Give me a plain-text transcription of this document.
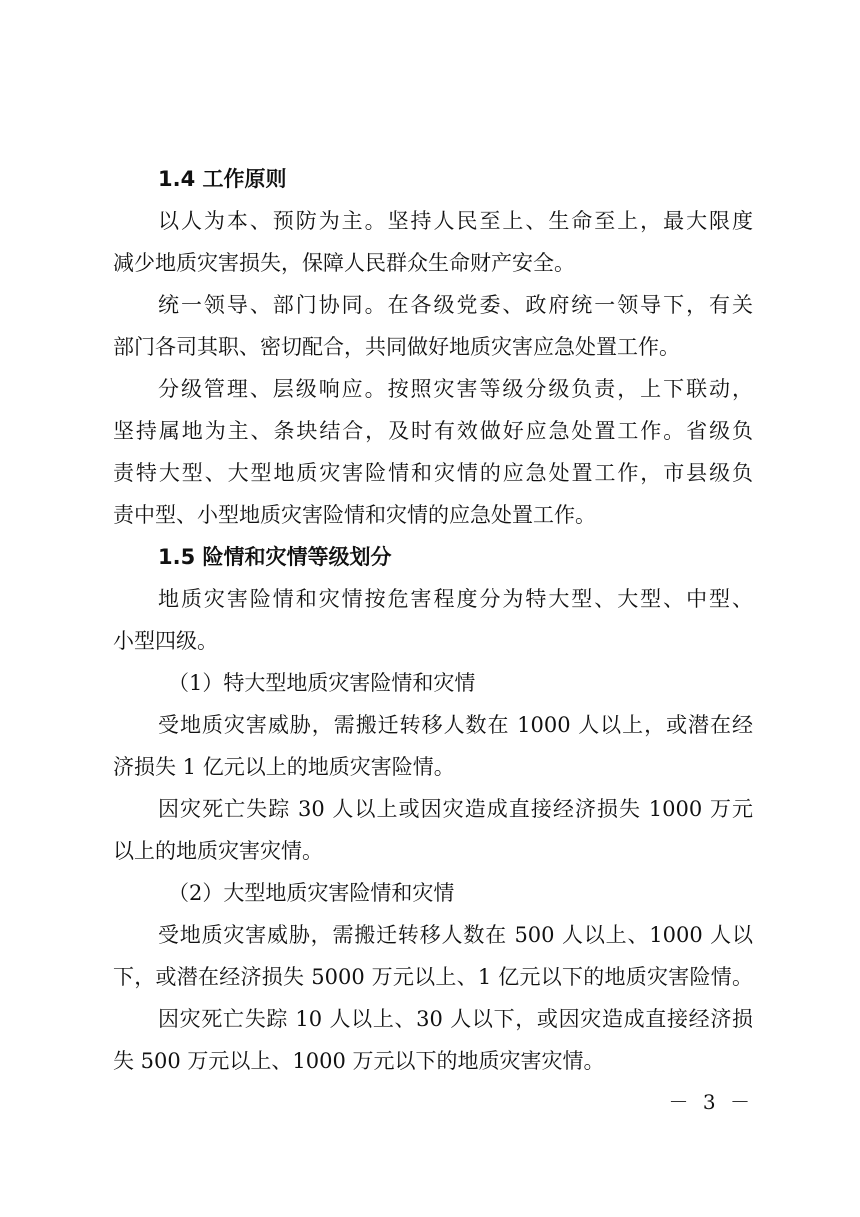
1.4 工作原则
以人为本、预防为主。坚持人民至上、生命至上，最大限度
减少地质灾害损失，保障人民群众生命财产安全。
统一领导、部门协同。在各级党委、政府统一领导下，有关
部门各司其职、密切配合，共同做好地质灾害应急处置工作。
分级管理、层级响应。按照灾害等级分级负责，上下联动，
坚持属地为主、条块结合，及时有效做好应急处置工作。省级负
责特大型、大型地质灾害险情和灾情的应急处置工作，市县级负
责中型、小型地质灾害险情和灾情的应急处置工作。
1.5 险情和灾情等级划分
地质灾害险情和灾情按危害程度分为特大型、大型、中型、
小型四级。
（1）特大型地质灾害险情和灾情
受地质灾害威胁，需搬迁转移人数在 1000 人以上，或潜在经
济损失 1 亿元以上的地质灾害险情。
因灾死亡失踪 30 人以上或因灾造成直接经济损失 1000 万元
以上的地质灾害灾情。
（2）大型地质灾害险情和灾情
受地质灾害威胁，需搬迁转移人数在 500 人以上、1000 人以
下，或潜在经济损失 5000 万元以上、1 亿元以下的地质灾害险情。
因灾死亡失踪 10 人以上、30 人以下，或因灾造成直接经济损
失 500 万元以上、1000 万元以下的地质灾害灾情。
－ 3 －
